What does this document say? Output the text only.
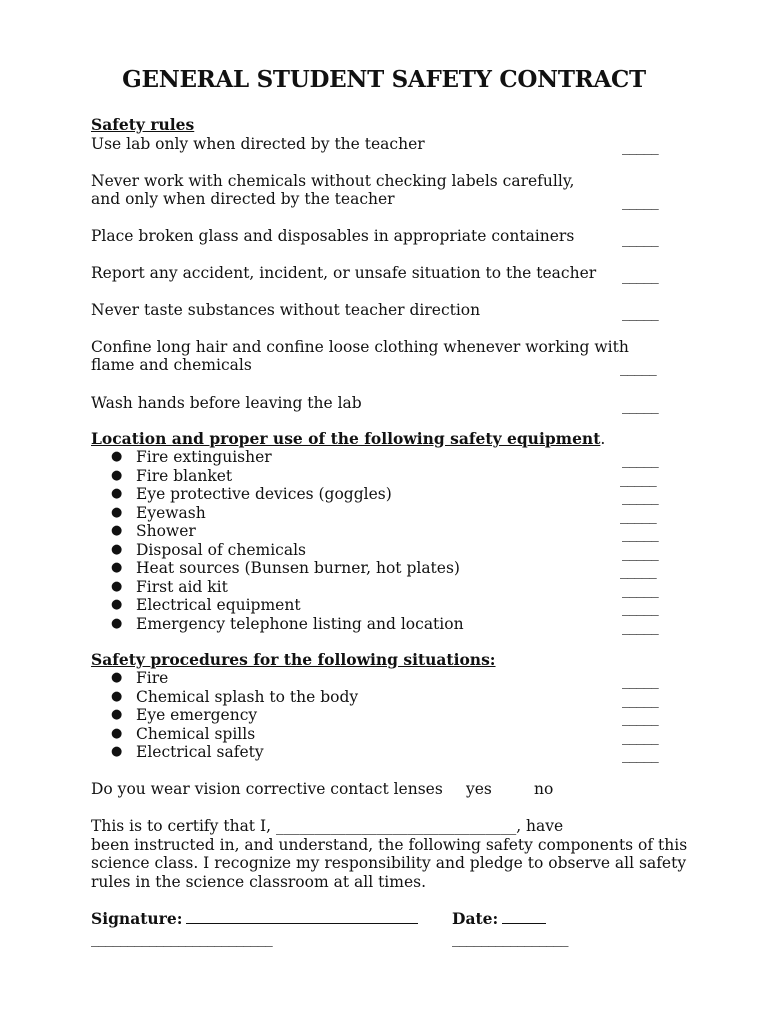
GENERAL STUDENT SAFETY CONTRACT
Safety rules
Use lab only when directed by the teacher	_____
Never work with chemicals without checking labels carefully,
and only when directed by the teacher	_____
Place broken glass and disposables in appropriate containers	_____
Report any accident, incident, or unsafe situation to the teacher _____
Never taste substances without teacher direction	_____
Confine long hair and confine loose clothing whenever working with
flame and chemicals	_____
Wash hands before leaving the lab	_____
Location and proper use of the following safety equipment.
● Fire extinguisher	_____
● Fire blanket	_____
● Eye protective devices (goggles)	_____
● Eyewash	_____
● Shower	_____
● Disposal of chemicals	_____
● Heat sources (Bunsen burner, hot plates)	_____
● First aid kit	_____
● Electrical equipment	_____
● Emergency telephone listing and location	_____
Safety procedures for the following situations:
● Fire	_____
● Chemical splash to the body	_____
● Eye emergency	_____
● Chemical spills	_____
● Electrical safety	_____
Do you wear vision corrective contact lenses yes	no
This is to certify that I, _______________________________, have
been instructed in, and understand, the following safety components of this
science class. I recognize my responsibility and pledge to observe all safety
rules in the science classroom at all times.
Signature:	Date:
_________________________	________________
